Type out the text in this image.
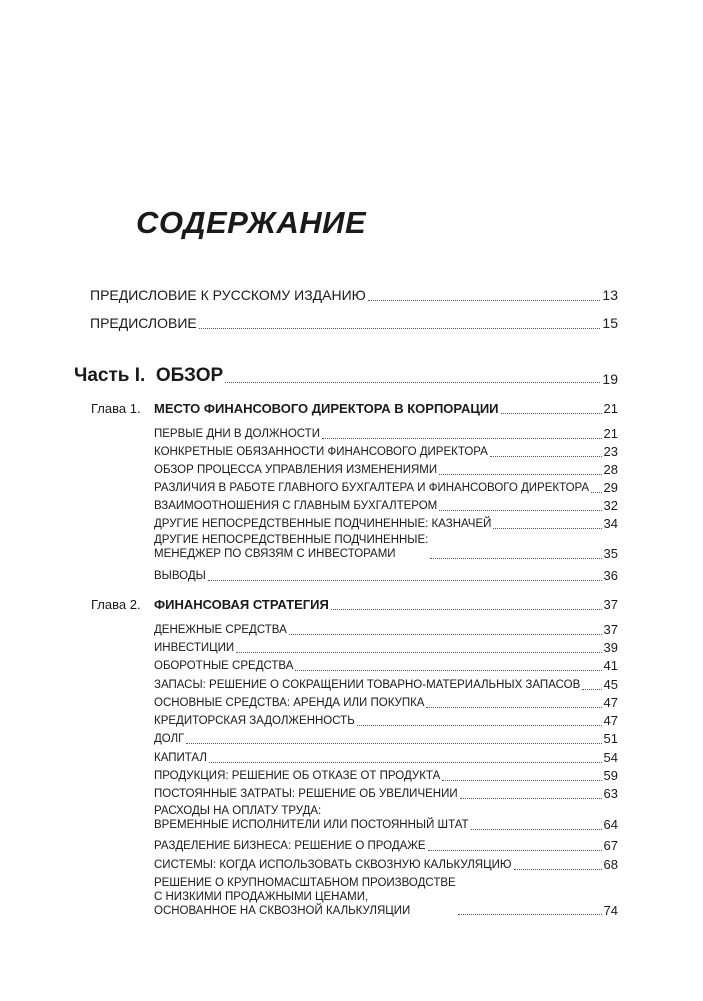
СОДЕРЖАНИЕ
ПРЕДИСЛОВИЕ К РУССКОМУ ИЗДАНИЮ	13
ПРЕДИСЛОВИЕ	15
Часть I. ОБЗОР	19
Глава 1. МЕСТО ФИНАНСОВОГО ДИРЕКТОРА В КОРПОРАЦИИ	21
ПЕРВЫЕ ДНИ В ДОЛЖНОСТИ	21
КОНКРЕТНЫЕ ОБЯЗАННОСТИ ФИНАНСОВОГО ДИРЕКТОРА	23
ОБЗОР ПРОЦЕССА УПРАВЛЕНИЯ ИЗМЕНЕНИЯМИ	28
РАЗЛИЧИЯ В РАБОТЕ ГЛАВНОГО БУХГАЛТЕРА И ФИНАНСОВОГО ДИРЕКТОРА 29
ВЗАИМООТНОШЕНИЯ С ГЛАВНЫМ БУХГАЛТЕРОМ	32
ДРУГИЕ НЕПОСРЕДСТВЕННЫЕ ПОДЧИНЕННЫЕ: КАЗНАЧЕЙ	34
ДРУГИЕ НЕПОСРЕДСТВЕННЫЕ ПОДЧИНЕННЫЕ:
МЕНЕДЖЕР ПО СВЯЗЯМ С ИНВЕСТОРАМИ	35
ВЫВОДЫ	36
Глава 2. ФИНАНСОВАЯ СТРАТЕГИЯ	37
ДЕНЕЖНЫЕ СРЕДСТВА	37
ИНВЕСТИЦИИ	39
ОБОРОТНЫЕ СРЕДСТВА	41
ЗАПАСЫ: РЕШЕНИЕ О СОКРАЩЕНИИ ТОВАРНО-МАТЕРИАЛЬНЫХ ЗАПАСОВ 45
ОСНОВНЫЕ СРЕДСТВА: АРЕНДА ИЛИ ПОКУПКА	47
КРЕДИТОРСКАЯ ЗАДОЛЖЕННОСТЬ	47
ДОЛГ	51
КАПИТАЛ	54
ПРОДУКЦИЯ: РЕШЕНИЕ ОБ ОТКАЗЕ ОТ ПРОДУКТА	59
ПОСТОЯННЫЕ ЗАТРАТЫ: РЕШЕНИЕ ОБ УВЕЛИЧЕНИИ	63
РАСХОДЫ НА ОПЛАТУ ТРУДА:
ВРЕМЕННЫЕ ИСПОЛНИТЕЛИ ИЛИ ПОСТОЯННЫЙ ШТАТ	64
РАЗДЕЛЕНИЕ БИЗНЕСА: РЕШЕНИЕ О ПРОДАЖЕ	67
СИСТЕМЫ: КОГДА ИСПОЛЬЗОВАТЬ СКВОЗНУЮ КАЛЬКУЛЯЦИЮ	68
РЕШЕНИЕ О КРУПНОМАСШТАБНОМ ПРОИЗВОДСТВЕ
С НИЗКИМИ ПРОДАЖНЫМИ ЦЕНАМИ,
ОСНОВАННОЕ НА СКВОЗНОЙ КАЛЬКУЛЯЦИИ	74
